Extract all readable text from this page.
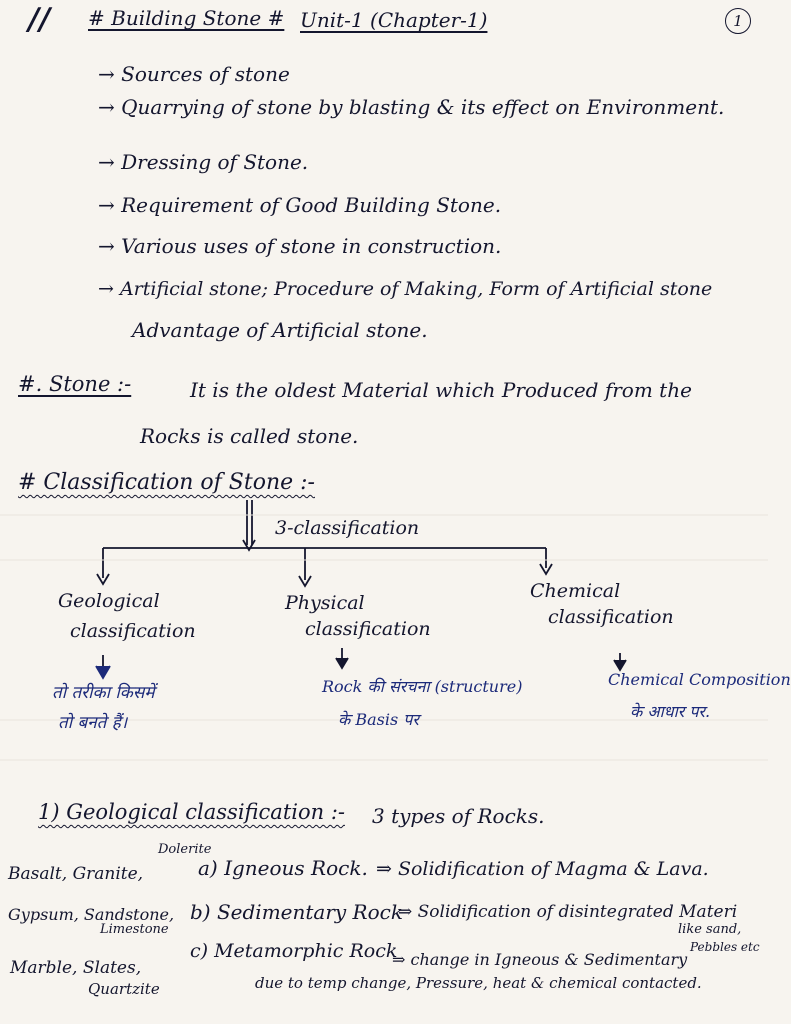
// # Building Stone # Unit-1 (Chapter-1)	1
→ Sources of stone
→ Quarrying of stone by blasting & its effect on Environment.
→ Dressing of Stone.
→ Requirement of Good Building Stone.
→ Various uses of stone in construction.
→ Artificial stone; Procedure of Making, Form of Artificial stone
Advantage of Artificial stone.
#. Stone :-	It is the oldest Material which Produced from the
Rocks is called stone.
# Classification of Stone :-
3-classification
Geological
classification
तो तरीका किसमें
तो बनते हैं।
Physical
classification
Rock की संरचना (structure)
के Basis पर
Chemical
classification
Chemical Composition
के आधार पर.
1) Geological classification :- 3 types of Rocks.
Basalt, Granite,
Dolerite
a) Igneous Rock. ⇒ Solidification of Magma & Lava.
Gypsum, Sandstone,
Limestone
b) Sedimentary Rock
⇒ Solidification of disintegrated Materi
like sand,
Pebbles etc
Marble, Slates,
Quartzite
c) Metamorphic Rock
⇒ change in Igneous & Sedimentary
due to temp change, Pressure, heat & chemical contacted.
